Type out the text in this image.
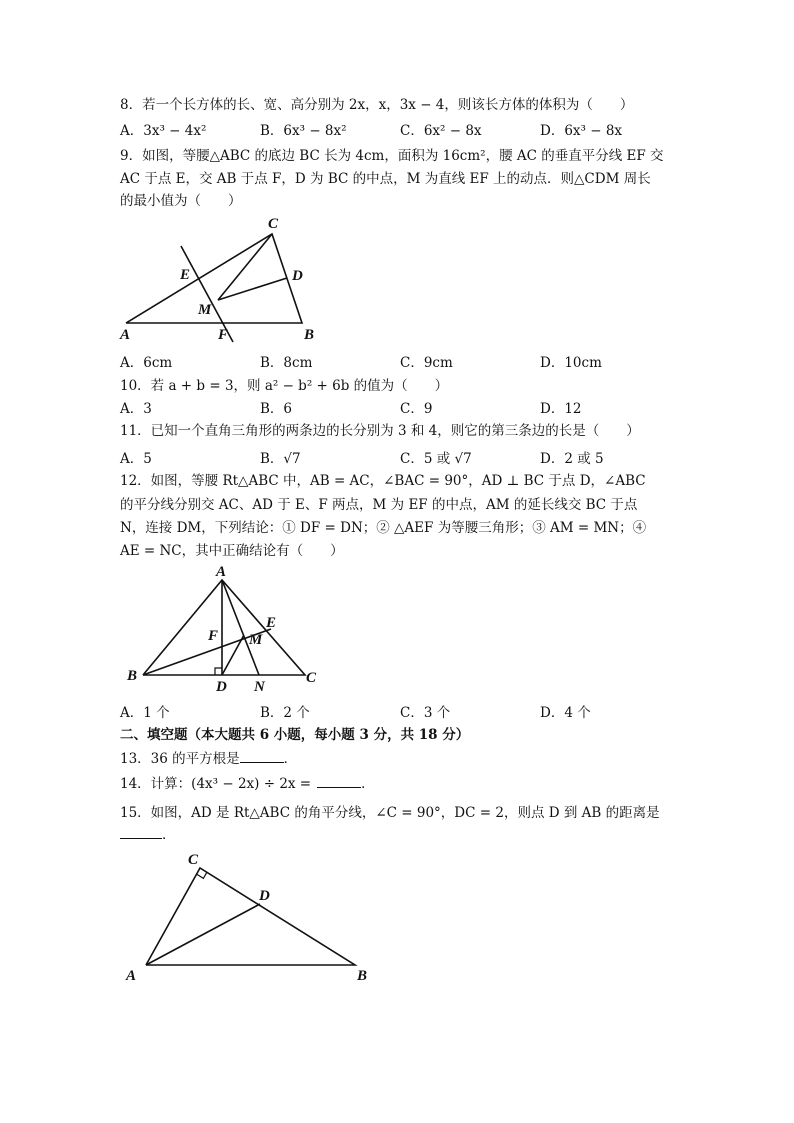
8．若一个长方体的长、宽、高分别为 2x，x，3x − 4，则该长方体的体积为（　　）
A．3x³ − 4x²	B．6x³ − 8x²	C．6x² − 8x	D．6x³ − 8x
9．如图，等腰△ABC 的底边 BC 长为 4cm，面积为 16cm²，腰 AC 的垂直平分线 EF 交
AC 于点 E，交 AB 于点 F，D 为 BC 的中点，M 为直线 EF 上的动点．则△CDM 周长
的最小值为（　　）
C
D
E
M
A	F	B
A．6cm	B．8cm	C．9cm	D．10cm
10．若 a + b = 3，则 a² − b² + 6b 的值为（　　）
A．3	B．6	C．9	D．12
11．已知一个直角三角形的两条边的长分别为 3 和 4，则它的第三条边的长是（　　）
A．5	B．√7	C．5 或 √7	D．2 或 5
12．如图，等腰 Rt△ABC 中，AB = AC，∠BAC = 90°，AD ⊥ BC 于点 D，∠ABC
的平分线分别交 AC、AD 于 E、F 两点，M 为 EF 的中点，AM 的延长线交 BC 于点
N，连接 DM，下列结论：① DF = DN；② △AEF 为等腰三角形；③ AM = MN；④
AE = NC，其中正确结论有（　　）
A
E
F M
B	C
D N
A．1 个	B．2 个	C．3 个	D．4 个
二、填空题（本大题共 6 小题，每小题 3 分，共 18 分）
13．36 的平方根是	．
14．计算：(4x³ − 2x) ÷ 2x =	．
15．如图，AD 是 Rt△ABC 的角平分线，∠C = 90°，DC = 2，则点 D 到 AB 的距离是
．
C
D
A	B
